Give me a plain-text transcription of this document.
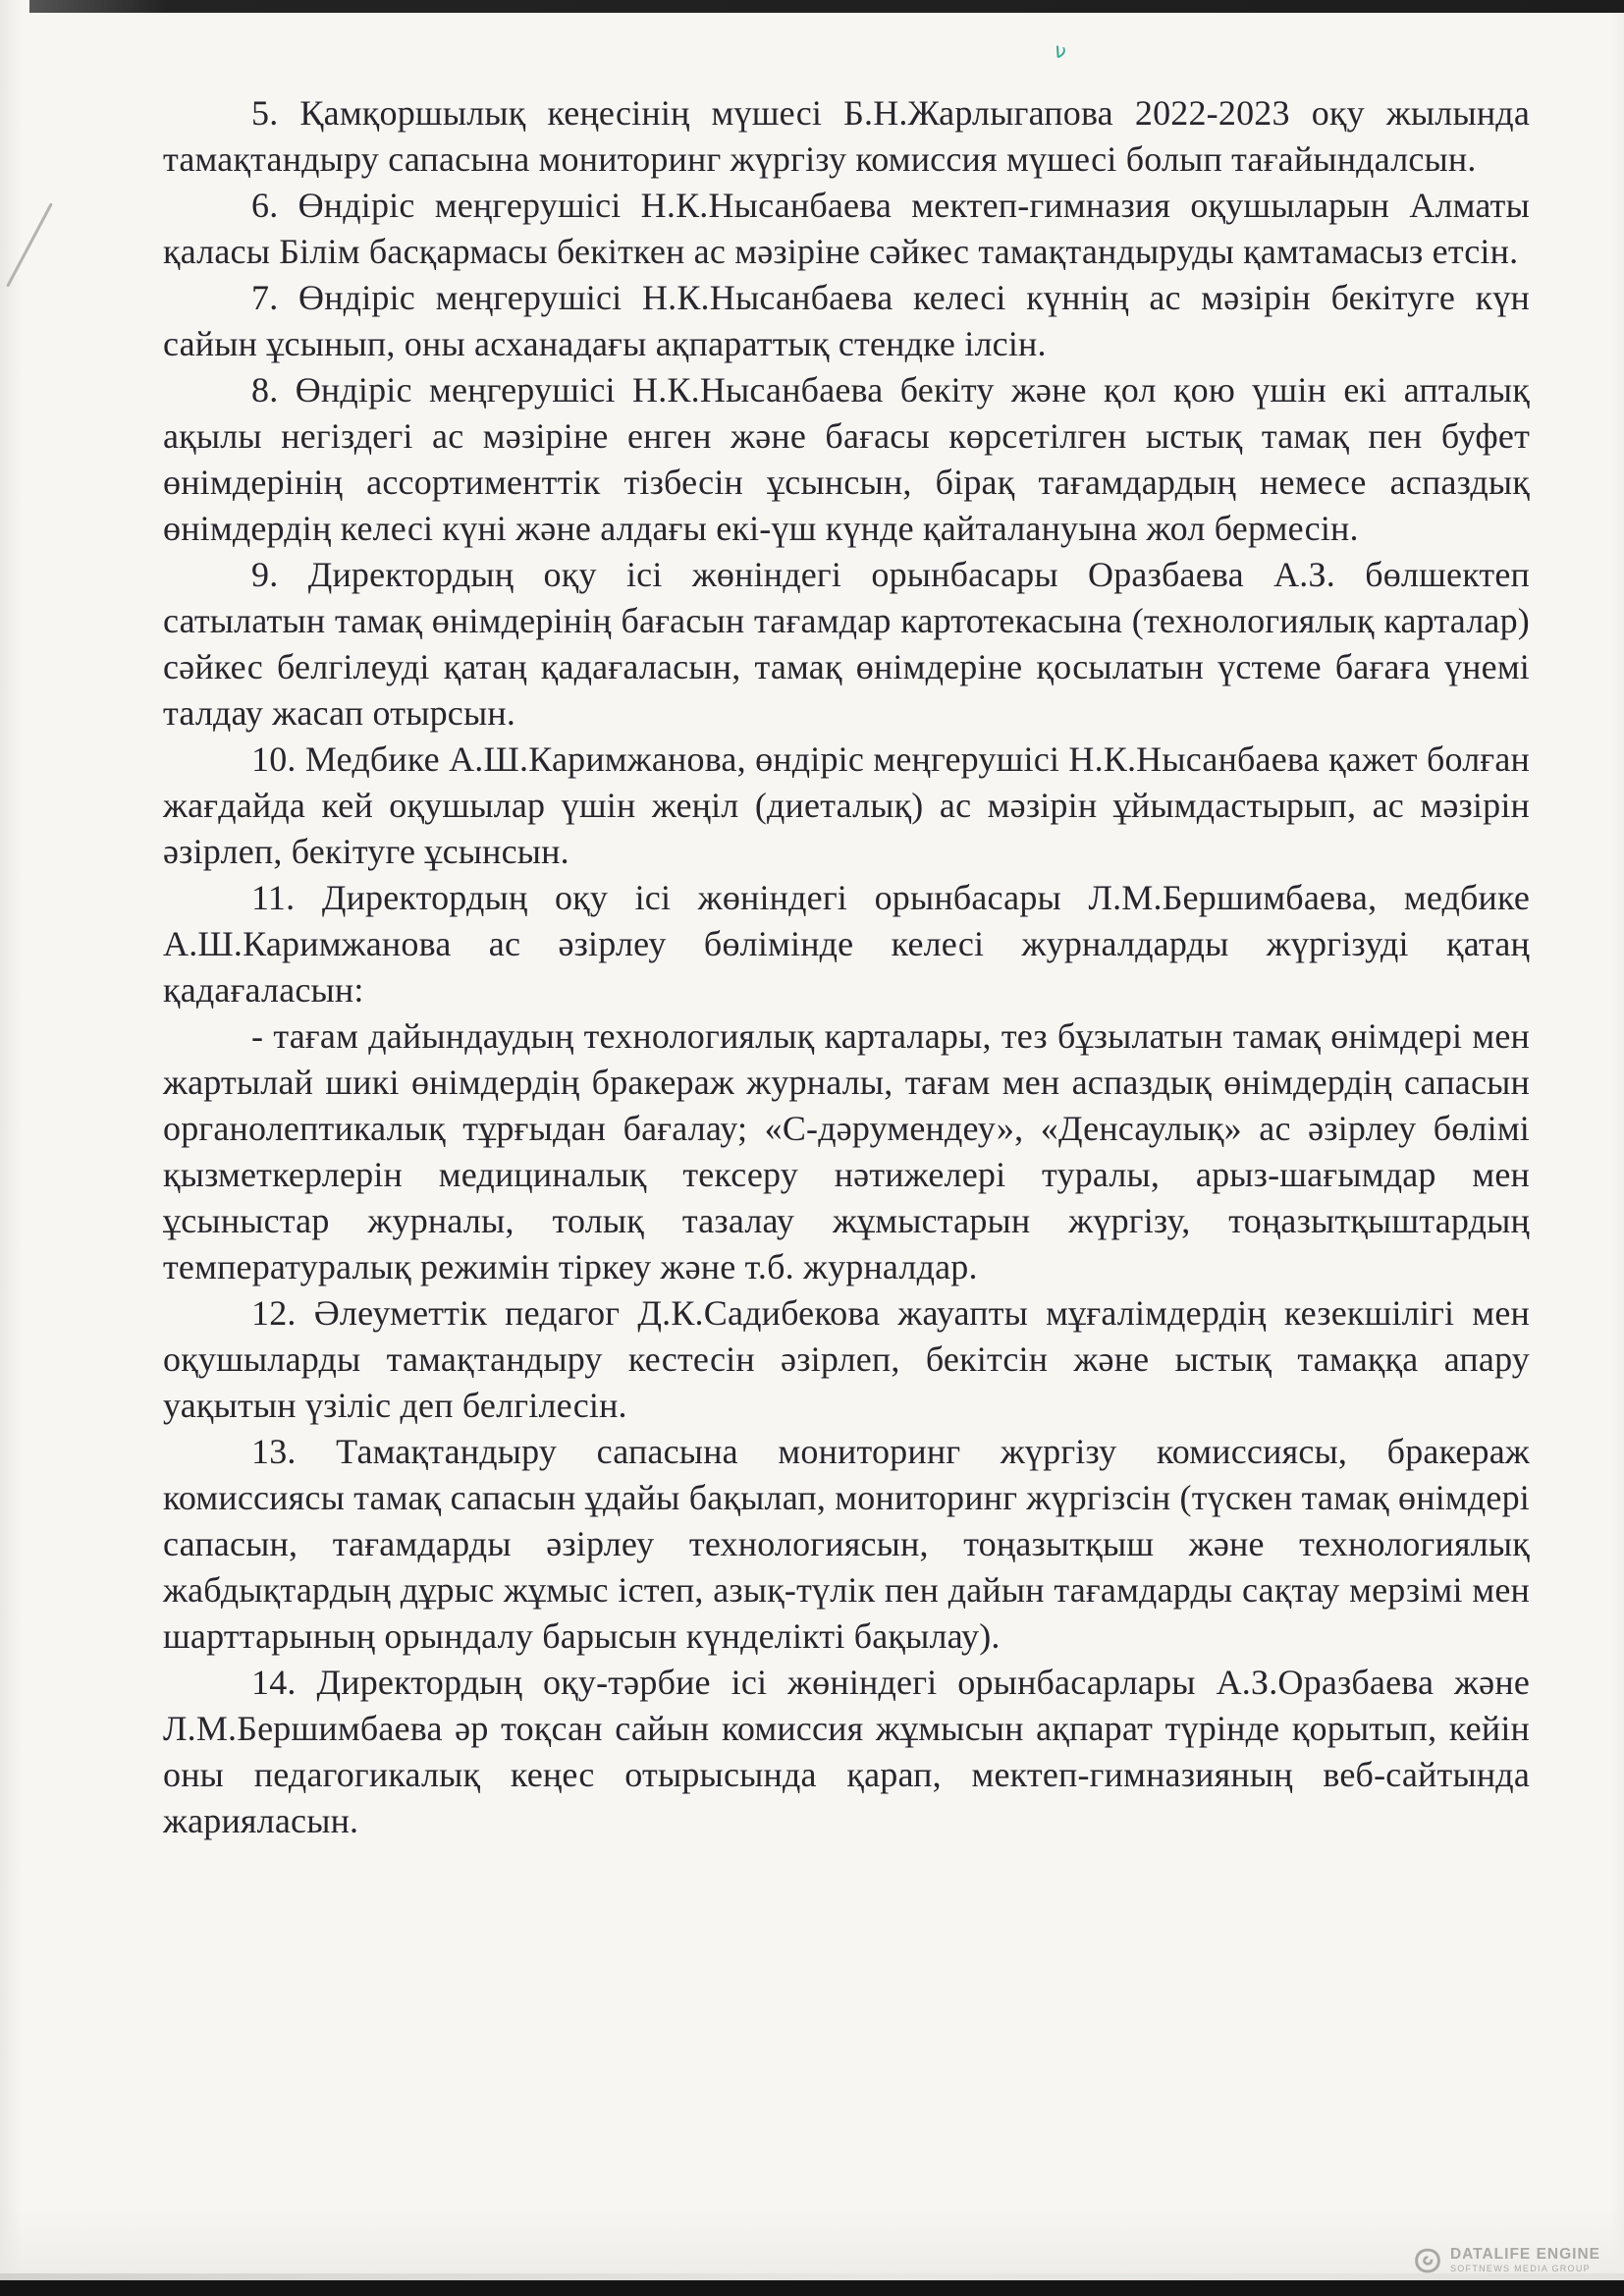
ν

5. Қамқоршылық кеңесінің мүшесі Б.Н.Жарлыгапова 2022-2023 оқу жылында тамақтандыру сапасына мониторинг жүргізу комиссия мүшесі болып тағайындалсын.

6. Өндіріс меңгерушісі Н.К.Нысанбаева мектеп-гимназия оқушыларын Алматы қаласы Білім басқармасы бекіткен ас мәзіріне сәйкес тамақтандыруды қамтамасыз етсін.

7. Өндіріс меңгерушісі Н.К.Нысанбаева келесі күннің ас мәзірін бекітуге күн сайын ұсынып, оны асханадағы ақпараттық стендке ілсін.

8. Өндіріс меңгерушісі Н.К.Нысанбаева бекіту және қол қою үшін екі апталық ақылы негіздегі ас мәзіріне енген және бағасы көрсетілген ыстық тамақ пен буфет өнімдерінің ассортименттік тізбесін ұсынсын, бірақ тағамдардың немесе аспаздық өнімдердің келесі күні және алдағы екі-үш күнде қайталануына жол бермесін.

9. Директордың оқу ісі жөніндегі орынбасары Оразбаева А.З. бөлшектеп сатылатын тамақ өнімдерінің бағасын тағамдар картотекасына (технологиялық карталар) сәйкес белгілеуді қатаң қадағаласын, тамақ өнімдеріне қосылатын үстеме бағаға үнемі талдау жасап отырсын.

10. Медбике А.Ш.Каримжанова, өндіріс меңгерушісі Н.К.Нысанбаева қажет болған жағдайда кей оқушылар үшін жеңіл (диеталық) ас мәзірін ұйымдастырып, ас мәзірін әзірлеп, бекітуге ұсынсын.

11. Директордың оқу ісі жөніндегі орынбасары Л.М.Бершимбаева, медбике А.Ш.Каримжанова ас әзірлеу бөлімінде келесі журналдарды жүргізуді қатаң қадағаласын:

- тағам дайындаудың технологиялық карталары, тез бұзылатын тамақ өнімдері мен жартылай шикі өнімдердің бракераж журналы, тағам мен аспаздық өнімдердің сапасын органолептикалық тұрғыдан бағалау; «С-дәрумендеу», «Денсаулық» ас әзірлеу бөлімі қызметкерлерін медициналық тексеру нәтижелері туралы, арыз-шағымдар мен ұсыныстар журналы, толық тазалау жұмыстарын жүргізу, тоңазытқыштардың температуралық режимін тіркеу және т.б. журналдар.

12. Әлеуметтік педагог Д.К.Садибекова жауапты мұғалімдердің кезекшілігі мен оқушыларды тамақтандыру кестесін әзірлеп, бекітсін және ыстық тамаққа апару уақытын үзіліс деп белгілесін.

13. Тамақтандыру сапасына мониторинг жүргізу комиссиясы, бракераж комиссиясы тамақ сапасын ұдайы бақылап, мониторинг жүргізсін (түскен тамақ өнімдері сапасын, тағамдарды әзірлеу технологиясын, тоңазытқыш және технологиялық жабдықтардың дұрыс жұмыс істеп, азық-түлік пен дайын тағамдарды сақтау мерзімі мен шарттарының орындалу барысын күнделікті бақылау).

14. Директордың оқу-тәрбие ісі жөніндегі орынбасарлары А.З.Оразбаева және Л.М.Бершимбаева әр тоқсан сайын комиссия жұмысын ақпарат түрінде қорытып, кейін оны педагогикалық кеңес отырысында қарап, мектеп-гимназияның веб-сайтында жарияласын.

DATALIFE ENGINE
SOFTNEWS MEDIA GROUP
